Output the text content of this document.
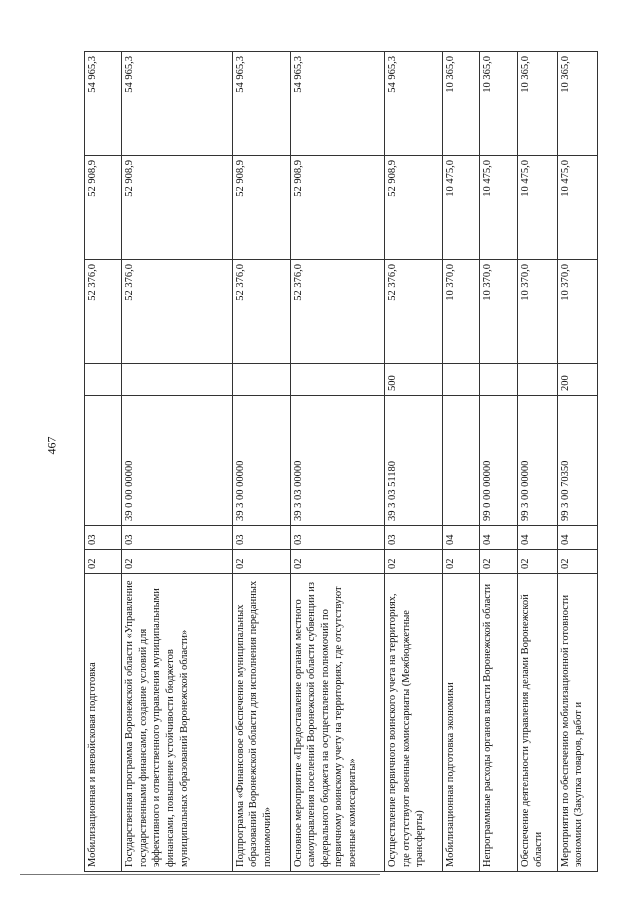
467
Мобилизационная и вневойсковая подготовка	02	03			52 376,0	52 908,9	54 965,3
Государственная программа Воронежской области «Управление государственными финансами, создание условий для эффективного и ответственного управления муниципальными финансами, повышение устойчивости бюджетов муниципальных образований Воронежской области»	02	03	39 0 00 00000		52 376,0	52 908,9	54 965,3
Подпрограмма «Финансовое обеспечение муниципальных образований Воронежской области для исполнения переданных полномочий»	02	03	39 3 00 00000		52 376,0	52 908,9	54 965,3
Основное мероприятие «Предоставление органам местного самоуправления поселений Воронежской области субвенции из федерального бюджета на осуществление полномочий по первичному воинскому учету на территориях, где отсутствуют военные комиссариаты»	02	03	39 3 03 00000		52 376,0	52 908,9	54 965,3
Осуществление первичного воинского учета на территориях, где отсутствуют военные комиссариаты (Межбюджетные трансферты)	02	03	39 3 03 51180	500	52 376,0	52 908,9	54 965,3
Мобилизационная подготовка экономики	02	04			10 370,0	10 475,0	10 365,0
Непрограммные расходы органов власти Воронежской области	02	04	99 0 00 00000		10 370,0	10 475,0	10 365,0
Обеспечение деятельности управления делами Воронежской области	02	04	99 3 00 00000		10 370,0	10 475,0	10 365,0
Мероприятия по обеспечению мобилизационной готовности экономики (Закупка товаров, работ и	02	04	99 3 00 70350	200	10 370,0	10 475,0	10 365,0
